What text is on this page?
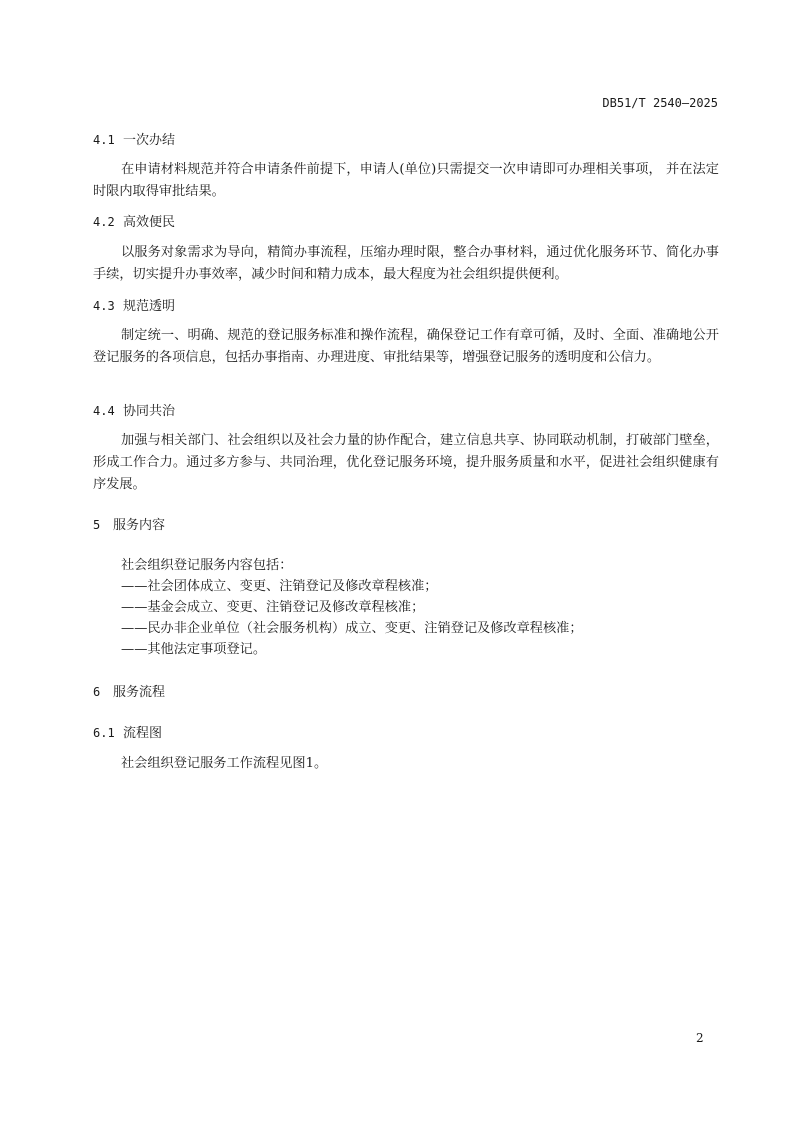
DB51/T 2540—2025
4.1 一次办结
在申请材料规范并符合申请条件前提下，申请人(单位)只需提交一次申请即可办理相关事项， 并在法定时限内取得审批结果。
4.2 高效便民
以服务对象需求为导向，精简办事流程，压缩办理时限，整合办事材料，通过优化服务环节、简化办事手续，切实提升办事效率，减少时间和精力成本，最大程度为社会组织提供便利。
4.3 规范透明
制定统一、明确、规范的登记服务标准和操作流程，确保登记工作有章可循，及时、全面、准确地公开登记服务的各项信息，包括办事指南、办理进度、审批结果等，增强登记服务的透明度和公信力。
4.4 协同共治
加强与相关部门、社会组织以及社会力量的协作配合，建立信息共享、协同联动机制，打破部门壁垒，形成工作合力。通过多方参与、共同治理，优化登记服务环境，提升服务质量和水平，促进社会组织健康有序发展。
5 服务内容
社会组织登记服务内容包括：
——社会团体成立、变更、注销登记及修改章程核准；
——基金会成立、变更、注销登记及修改章程核准；
——民办非企业单位（社会服务机构）成立、变更、注销登记及修改章程核准；
——其他法定事项登记。
6 服务流程
6.1 流程图
社会组织登记服务工作流程见图1。
2
